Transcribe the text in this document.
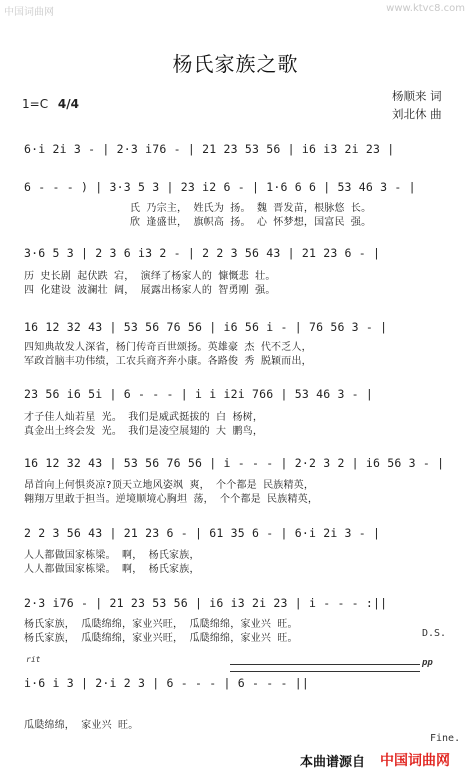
中国词曲网	www.ktvc8.com
杨氏家族之歌
1=C 4/4
杨顺来 词
刘北休 曲
6·i 2i 3 - | 2·3 i76 - | 21 23 53 56 | i6 i3 2i 23 |
6 - - - ) | 3·3 5 3 | 23 i2 6 - | 1·6 6 6 | 53 46 3 - |
氏 乃宗主， 姓氏为 扬。 魏 晋发苗，根脉悠 长。
欣 逢盛世， 旗帜高 扬。 心 怀梦想，国富民 强。
3·6 5 3 | 2 3 6 i3 2 - | 2 2 3 56 43 | 21 23 6 - |
历 史长剧 起伏跌 宕， 演绎了杨家人的 慷慨悲 壮。
四 化建设 波澜壮 阔， 展露出杨家人的 智勇刚 强。
16 12 32 43 | 53 56 76 56 | i6 56 i - | 76 56 3 - |
四知典故发人深省，杨门传奇百世颂扬。英雄豪 杰 代不乏人，
军政首脑丰功伟绩，工农兵商齐奔小康。各路俊 秀 脱颖而出，
23 56 i6 5i | 6 - - - | i i i2i 766 | 53 46 3 - |
才子佳人灿若星 光。 我们是威武挺拔的 白 杨树，
真金出土终会发 光。 我们是凌空展翅的 大 鹏鸟，
16 12 32 43 | 53 56 76 56 | i - - - | 2·2 3 2 | i6 56 3 - |
昂首向上何惧炎凉?顶天立地风姿飒 爽， 个个都是 民族精英，
翱翔万里敢于担当。逆境顺境心胸坦 荡， 个个都是 民族精英，
2 2 3 56 43 | 21 23 6 - | 61 35 6 - | 6·i 2i 3 - |
人人都做国家栋梁。 啊， 杨氏家族，
人人都做国家栋梁。 啊， 杨氏家族，
2·3 i76 - | 21 23 53 56 | i6 i3 2i 23 | i - - - :||
杨氏家族， 瓜瓞绵绵，家业兴旺， 瓜瓞绵绵，家业兴 旺。
杨氏家族， 瓜瓞绵绵，家业兴旺， 瓜瓞绵绵，家业兴 旺。	D.S.
rit	pp
i·6 i 3 | 2·i 2 3 | 6 - - - | 6 - - - ||
瓜瓞绵绵， 家业兴 旺。
Fine.
本曲谱源自 中国词曲网
